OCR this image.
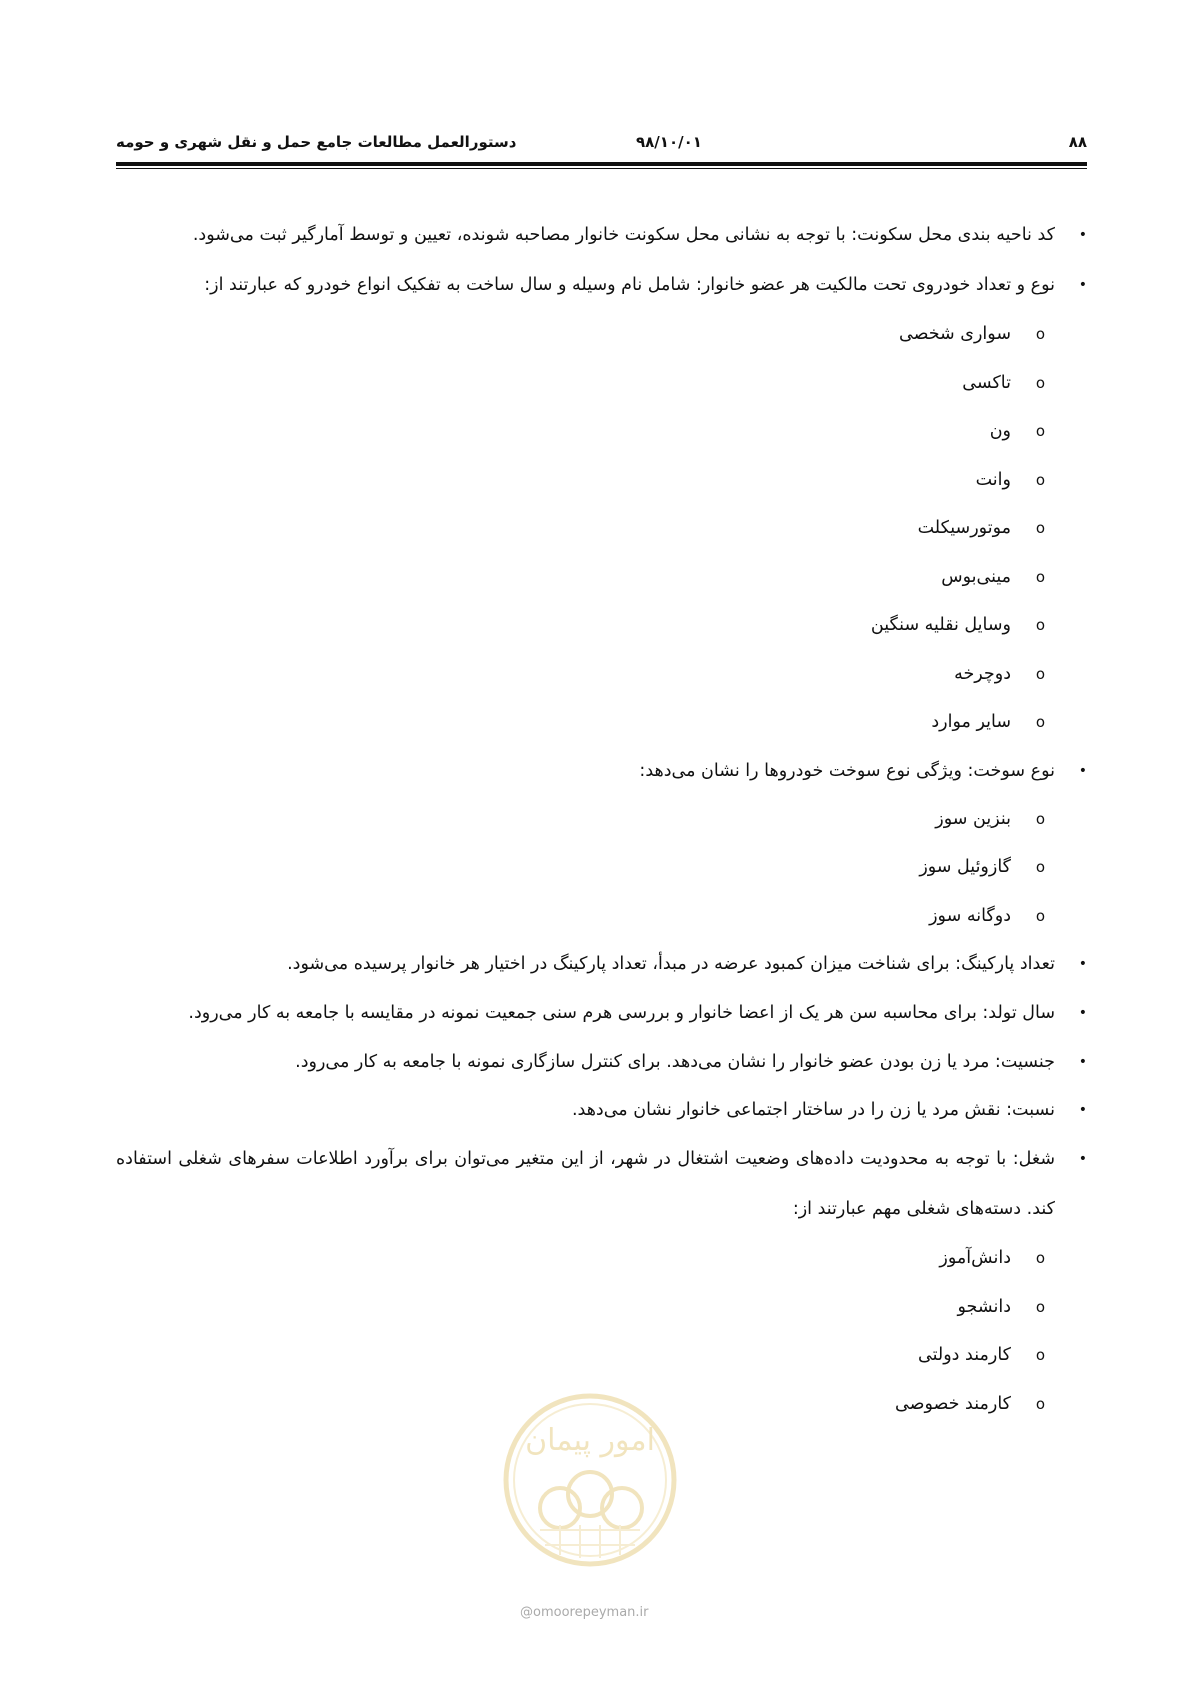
۸۸
۹۸/۱۰/۰۱
دستورالعمل مطالعات جامع حمل و نقل شهری و حومه
•
کد ناحیه بندی محل سکونت: با توجه به نشانی محل سکونت خانوار مصاحبه شونده، تعیین و توسط آمارگیر ثبت می‌شود.
•
نوع و تعداد خودروی تحت مالکیت هر عضو خانوار: شامل نام وسیله و سال ساخت به تفکیک انواع خودرو که عبارتند از:
o
سواری شخصی
o
تاکسی
o
ون
o
وانت
o
موتورسیکلت
o
مینی‌بوس
o
وسایل نقلیه سنگین
o
دوچرخه
o
سایر موارد
•
نوع سوخت: ویژگی نوع سوخت خودروها را نشان می‌دهد:
o
بنزین سوز
o
گازوئیل سوز
o
دوگانه سوز
•
تعداد پارکینگ: برای شناخت میزان کمبود عرضه در مبدأ، تعداد پارکینگ در اختیار هر خانوار پرسیده می‌شود.
•
سال تولد: برای محاسبه سن هر یک از اعضا خانوار و بررسی هرم سنی جمعیت نمونه در مقایسه با جامعه به کار می‌رود.
•
جنسیت: مرد یا زن بودن عضو خانوار را نشان می‌دهد. برای کنترل سازگاری نمونه با جامعه به کار می‌رود.
•
نسبت: نقش مرد یا زن را در ساختار اجتماعی خانوار نشان می‌دهد.
•
شغل: با توجه به محدودیت داده‌های وضعیت اشتغال در شهر، از این متغیر می‌توان برای برآورد اطلاعات سفرهای شغلی استفاده کند. دسته‌های شغلی مهم عبارتند از:
o
دانش‌آموز
o
دانشجو
o
کارمند دولتی
o
کارمند خصوصی
امور پیمان
@omoorepeyman.ir
